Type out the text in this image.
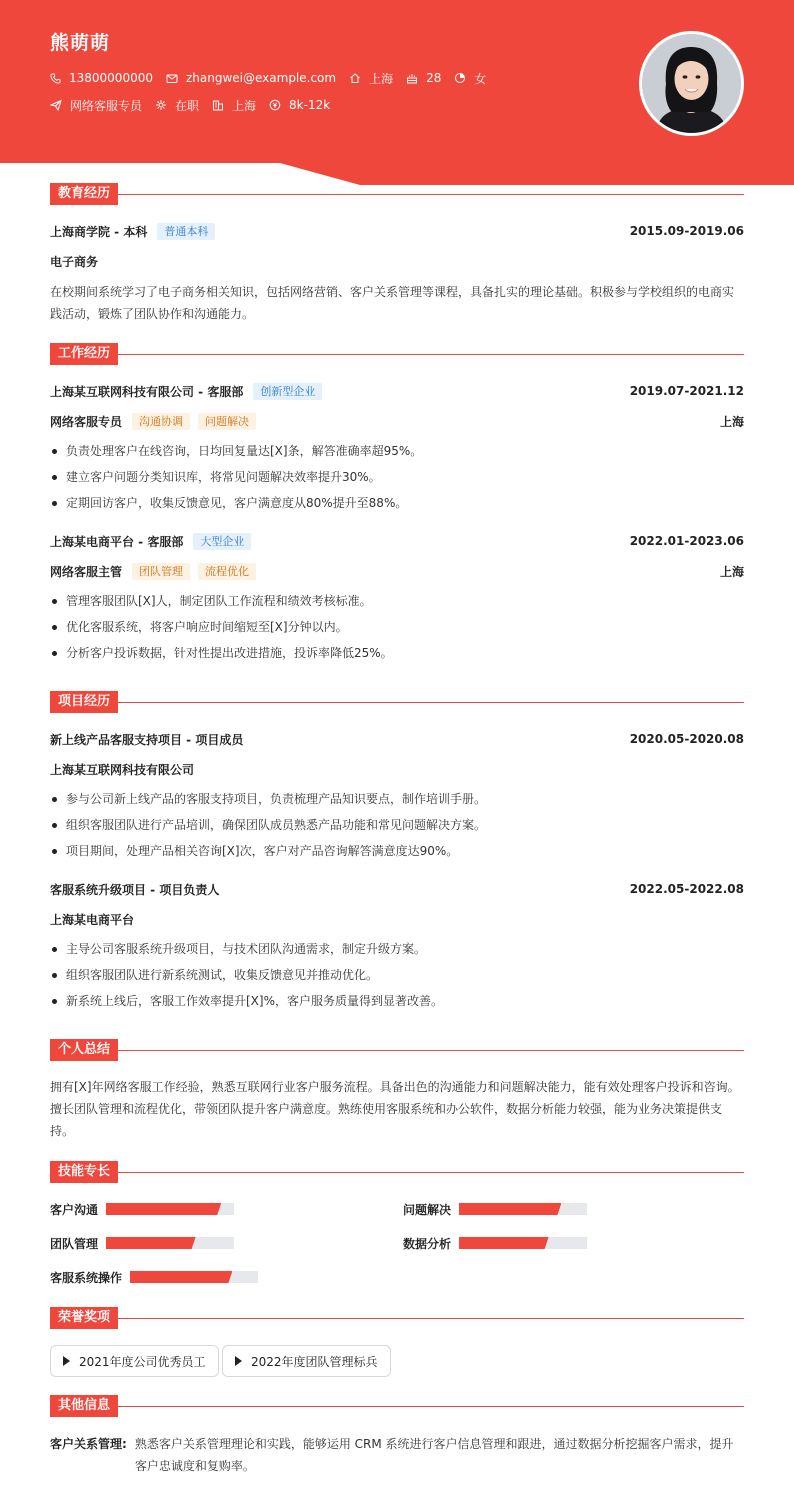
熊萌萌
13800000000	zhangwei@example.com	上海	28	女
网络客服专员	在职	上海	8k-12k
教育经历
上海商学院 - 本科	普通本科	2015.09-2019.06
电子商务
在校期间系统学习了电子商务相关知识，包括网络营销、客户关系管理等课程，具备扎实的理论基础。积极参与学校组织的电商实践活动，锻炼了团队协作和沟通能力。
工作经历
上海某互联网科技有限公司 - 客服部	创新型企业	2019.07-2021.12
网络客服专员	沟通协调	问题解决	上海
负责处理客户在线咨询，日均回复量达[X]条，解答准确率超95%。
建立客户问题分类知识库，将常见问题解决效率提升30%。
定期回访客户，收集反馈意见，客户满意度从80%提升至88%。
上海某电商平台 - 客服部	大型企业	2022.01-2023.06
网络客服主管	团队管理	流程优化	上海
管理客服团队[X]人，制定团队工作流程和绩效考核标准。
优化客服系统，将客户响应时间缩短至[X]分钟以内。
分析客户投诉数据，针对性提出改进措施，投诉率降低25%。
项目经历
新上线产品客服支持项目 - 项目成员	2020.05-2020.08
上海某互联网科技有限公司
参与公司新上线产品的客服支持项目，负责梳理产品知识要点，制作培训手册。
组织客服团队进行产品培训，确保团队成员熟悉产品功能和常见问题解决方案。
项目期间，处理产品相关咨询[X]次，客户对产品咨询解答满意度达90%。
客服系统升级项目 - 项目负责人	2022.05-2022.08
上海某电商平台
主导公司客服系统升级项目，与技术团队沟通需求，制定升级方案。
组织客服团队进行新系统测试，收集反馈意见并推动优化。
新系统上线后，客服工作效率提升[X]%，客户服务质量得到显著改善。
个人总结
拥有[X]年网络客服工作经验，熟悉互联网行业客户服务流程。具备出色的沟通能力和问题解决能力，能有效处理客户投诉和咨询。擅长团队管理和流程优化，带领团队提升客户满意度。熟练使用客服系统和办公软件，数据分析能力较强，能为业务决策提供支持。
技能专长
客户沟通	问题解决
团队管理	数据分析
客服系统操作
荣誉奖项
2021年度公司优秀员工	2022年度团队管理标兵
其他信息
客户关系管理: 熟悉客户关系管理理论和实践，能够运用 CRM 系统进行客户信息管理和跟进，通过数据分析挖掘客户需求，提升客户忠诚度和复购率。
